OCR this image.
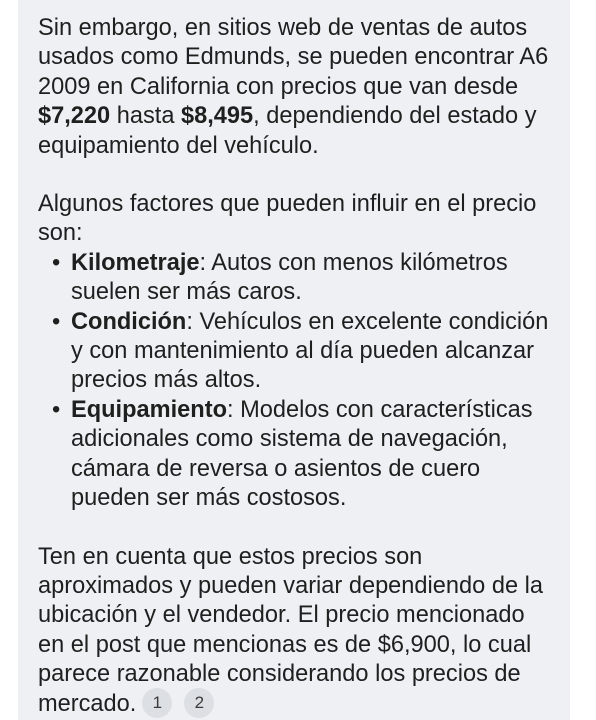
Sin embargo, en sitios web de ventas de autos usados como Edmunds, se pueden encontrar A6 2009 en California con precios que van desde $7,220 hasta $8,495, dependiendo del estado y equipamiento del vehículo.

Algunos factores que pueden influir en el precio son:

• Kilometraje: Autos con menos kilómetros suelen ser más caros.
• Condición: Vehículos en excelente condición y con mantenimiento al día pueden alcanzar precios más altos.
• Equipamiento: Modelos con características adicionales como sistema de navegación, cámara de reversa o asientos de cuero pueden ser más costosos.

Ten en cuenta que estos precios son aproximados y pueden variar dependiendo de la ubicación y el vendedor. El precio mencionado en el post que mencionas es de $6,900, lo cual parece razonable considerando los precios de mercado. 1 2
